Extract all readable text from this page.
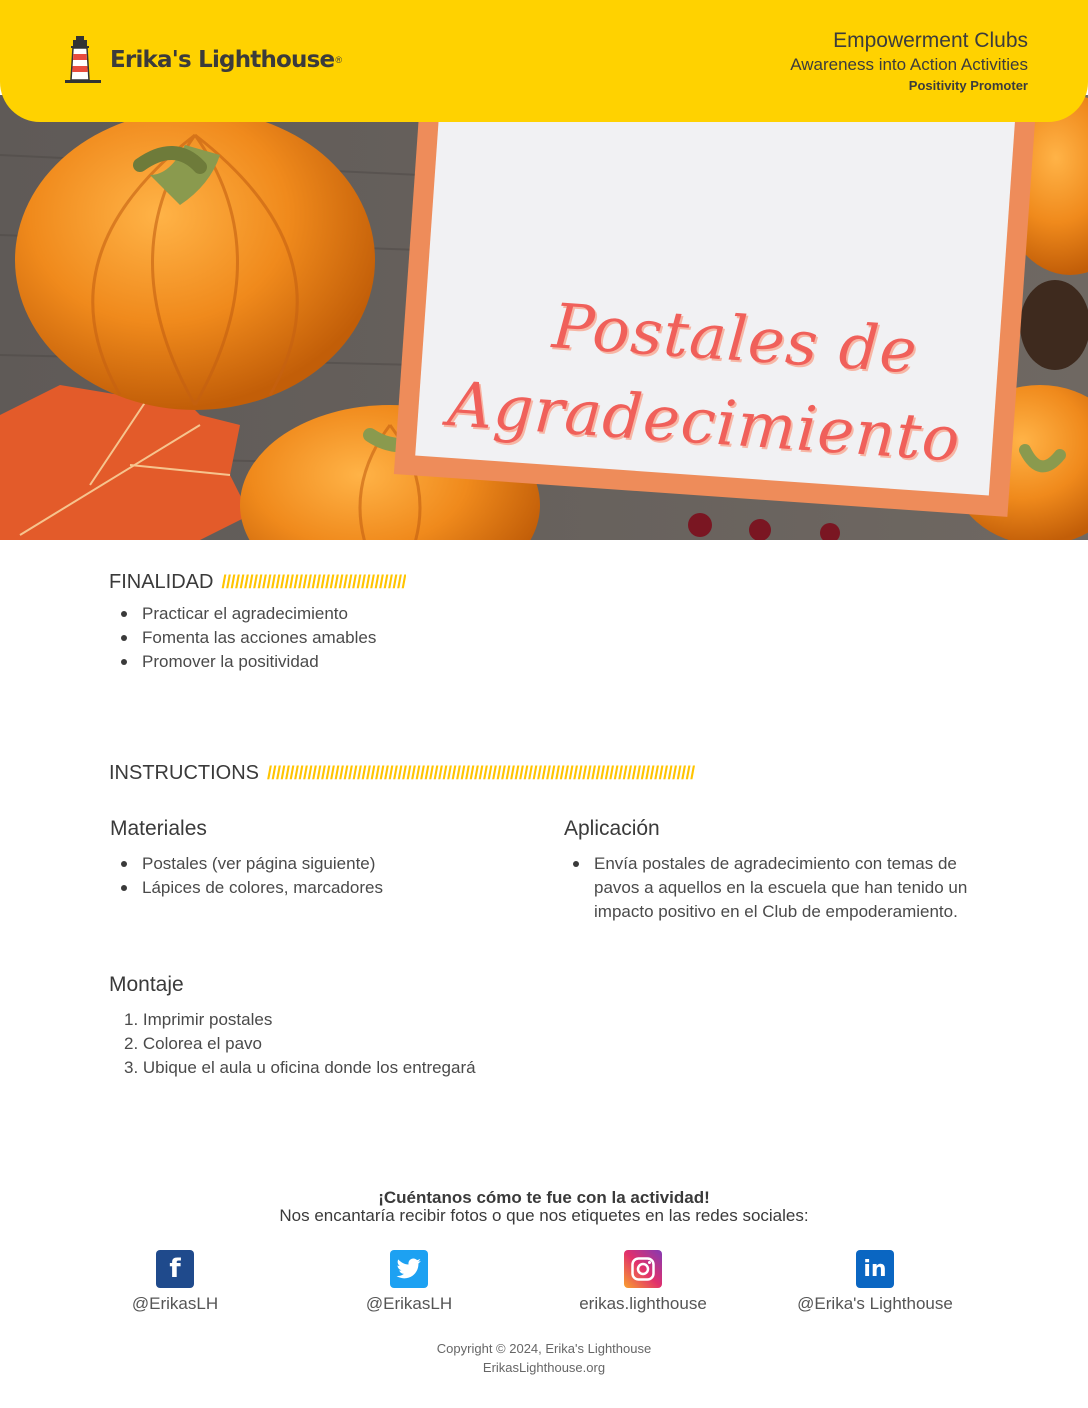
Erika's Lighthouse ®
Empowerment Clubs
Awareness into Action Activities
Positivity Promoter
Postales de
Agradecimiento
FINALIDAD /////////////////////////////////////////
Practicar el agradecimiento
Fomenta las acciones amables
Promover la positividad
INSTRUCTIONS ///////////////////////////////////////////////////////////////////////////////////////////////
Materiales
Postales (ver página siguiente)
Lápices de colores, marcadores
Aplicación
Envía postales de agradecimiento con temas de pavos a aquellos en la escuela que han tenido un impacto positivo en el Club de empoderamiento.
Montaje
1. Imprimir postales
2. Colorea el pavo
3. Ubique el aula u oficina donde los entregará
¡Cuéntanos cómo te fue con la actividad!
Nos encantaría recibir fotos o que nos etiquetes en las redes sociales:
f
@ErikasLH	@ErikasLH	erikas.lighthouse
in
@Erika's Lighthouse
Copyright © 2024, Erika's Lighthouse
ErikasLighthouse.org
